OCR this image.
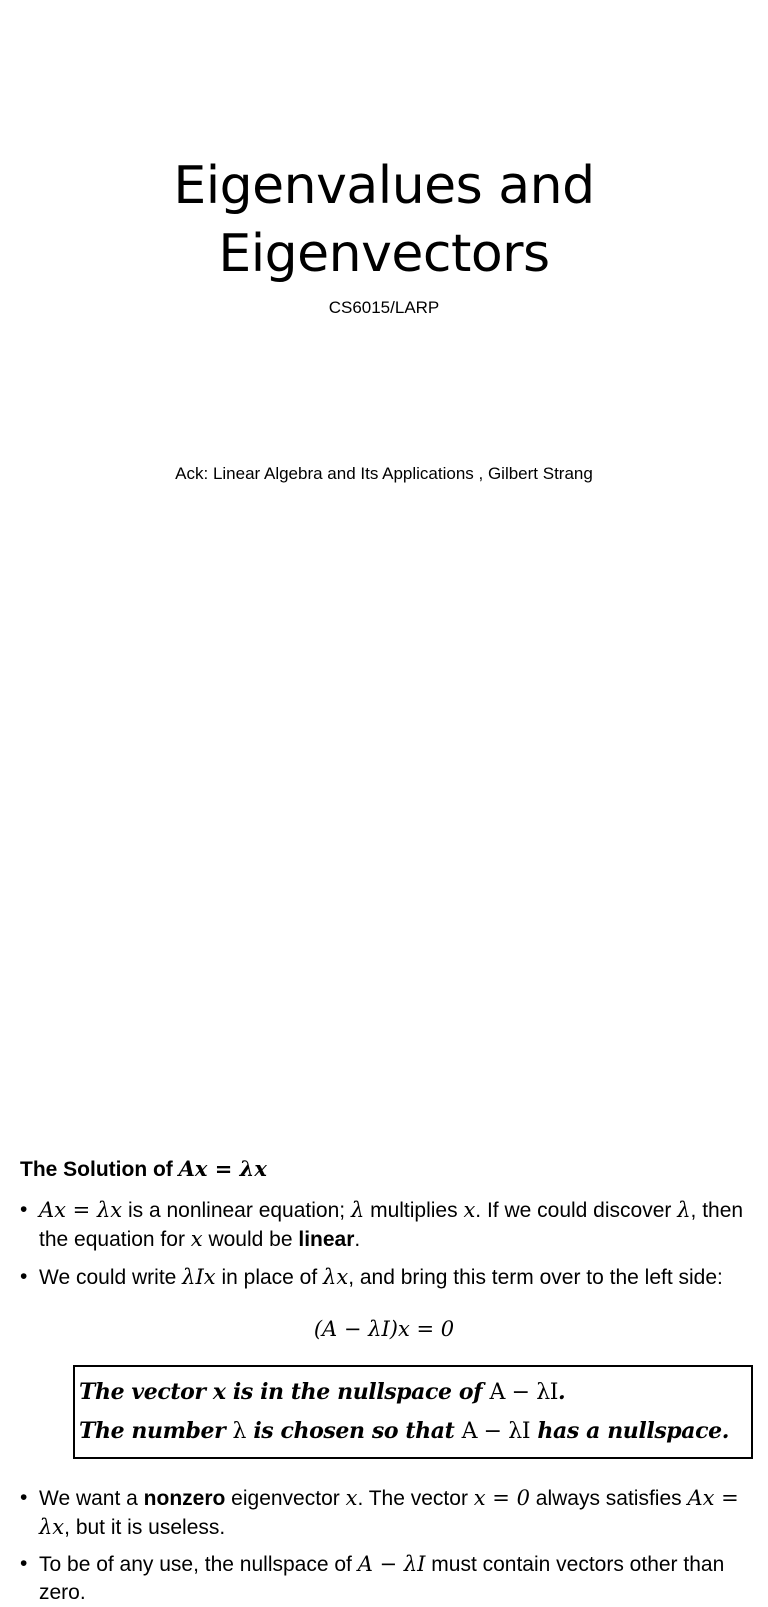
Eigenvalues and
Eigenvectors
CS6015/LARP
Ack: Linear Algebra and Its Applications , Gilbert Strang
The Solution of Ax = λx
• Ax = λx is a nonlinear equation; λ multiplies x. If we could discover λ, then the equation for x would be linear.
• We could write λIx in place of λx, and bring this term over to the left side:
(A − λI)x = 0
The vector x is in the nullspace of A − λI.
The number λ is chosen so that A − λI has a nullspace.
• We want a nonzero eigenvector x. The vector x = 0 always satisfies Ax = λx, but it is useless.
• To be of any use, the nullspace of A − λI must contain vectors other than zero.
